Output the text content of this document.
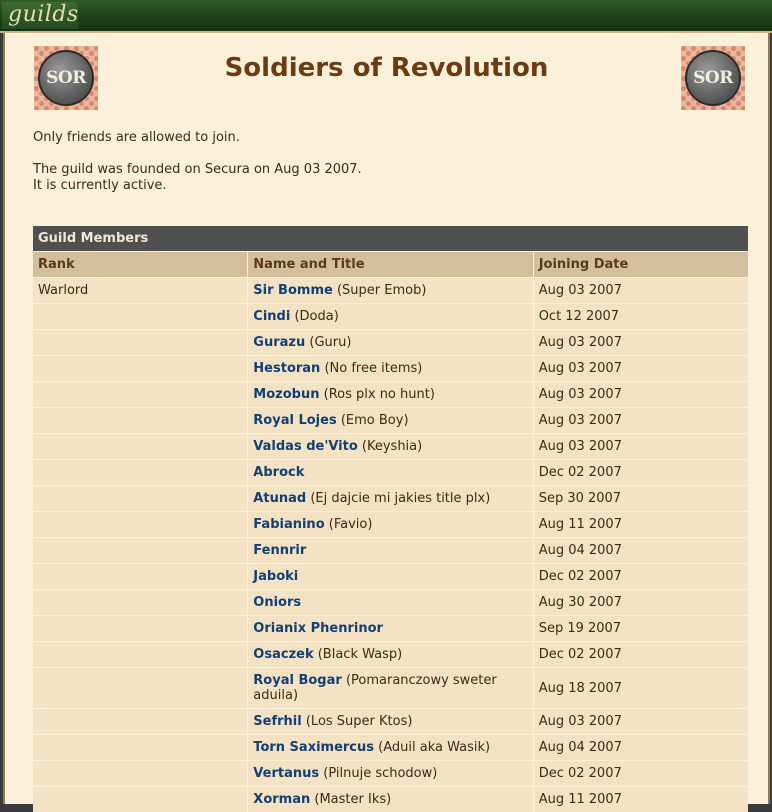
guilds
SOR	Soldiers of Revolution	SOR
Only friends are allowed to join.
The guild was founded on Secura on Aug 03 2007.
It is currently active.
Guild Members		
Rank	Name and Title	Joining Date
Warlord	Sir Bomme (Super Emob)	Aug 03 2007
	Cindi (Doda)	Oct 12 2007
	Gurazu (Guru)	Aug 03 2007
	Hestoran (No free items)	Aug 03 2007
	Mozobun (Ros plx no hunt)	Aug 03 2007
	Royal Lojes (Emo Boy)	Aug 03 2007
	Valdas de'Vito (Keyshia)	Aug 03 2007
	Abrock	Dec 02 2007
	Atunad (Ej dajcie mi jakies title plx)	Sep 30 2007
	Fabianino (Favio)	Aug 11 2007
	Fennrir	Aug 04 2007
	Jaboki	Dec 02 2007
	Oniors	Aug 30 2007
	Orianix Phenrinor	Sep 19 2007
	Osaczek (Black Wasp)	Dec 02 2007
	Royal Bogar (Pomaranczowy sweter aduila)	Aug 18 2007
	Sefrhil (Los Super Ktos)	Aug 03 2007
	Torn Saximercus (Aduil aka Wasik)	Aug 04 2007
	Vertanus (Pilnuje schodow)	Dec 02 2007
	Xorman (Master Iks)	Aug 11 2007
